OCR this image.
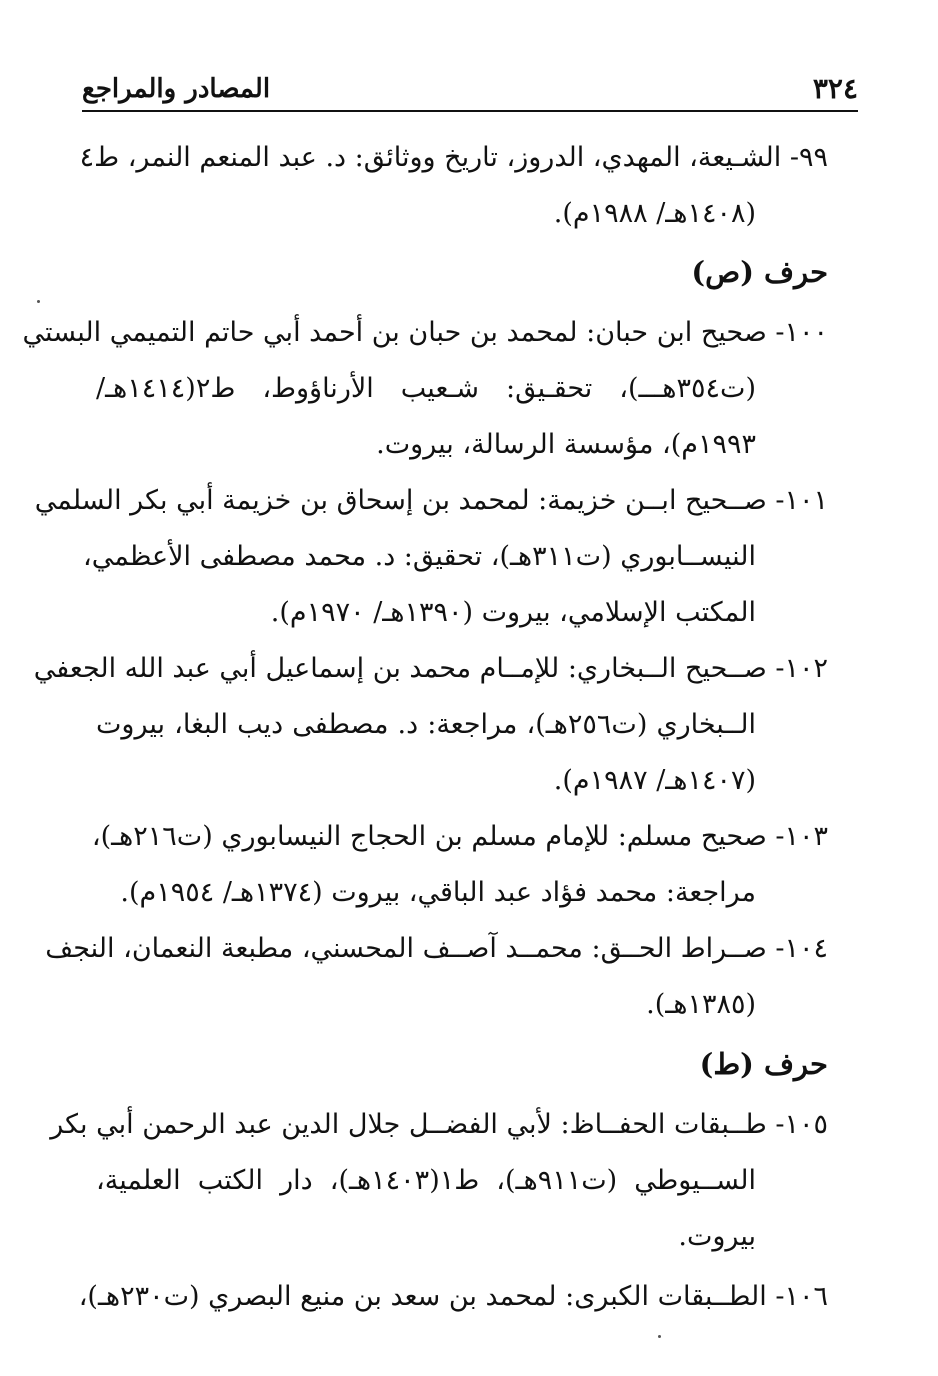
٣٢٤
المصادر والمراجع
٩٩- الشـيعة، المهدي، الدروز، تاريخ ووثائق: د. عبد المنعم النمر، ط٤
(١٤٠٨هـ/ ١٩٨٨م).
حرف (ص)
١٠٠- صحيح ابن حبان: لمحمد بن حبان بن أحمد أبي حاتم التميمي البستي
(ت٣٥٤هـــ)، تحقـيق: شـعيب الأرناؤوط، ط٢(١٤١٤هـ/
١٩٩٣م)، مؤسسة الرسالة، بيروت.
١٠١- صــحيح ابــن خزيمة: لمحمد بن إسحاق بن خزيمة أبي بكر السلمي
النيســابوري (ت٣١١هـ)، تحقيق: د. محمد مصطفى الأعظمي،
المكتب الإسلامي، بيروت (١٣٩٠هـ/ ١٩٧٠م).
١٠٢- صــحيح الــبخاري: للإمــام محمد بن إسماعيل أبي عبد الله الجعفي
الــبخاري (ت٢٥٦هـ)، مراجعة: د. مصطفى ديب البغا، بيروت
(١٤٠٧هـ/ ١٩٨٧م).
١٠٣- صحيح مسلم: للإمام مسلم بن الحجاج النيسابوري (ت٢١٦هـ)،
مراجعة: محمد فؤاد عبد الباقي، بيروت (١٣٧٤هـ/ ١٩٥٤م).
١٠٤- صــراط الحــق: محمــد آصــف المحسني، مطبعة النعمان، النجف
(١٣٨٥هـ).
حرف (ط)
١٠٥- طــبقات الحفــاظ: لأبي الفضــل جلال الدين عبد الرحمن أبي بكر
الســيوطي (ت٩١١هـ)، ط١(١٤٠٣هـ)، دار الكتب العلمية،
بيروت.
١٠٦- الطــبقات الكبرى: لمحمد بن سعد بن منيع البصري (ت٢٣٠هـ)،
